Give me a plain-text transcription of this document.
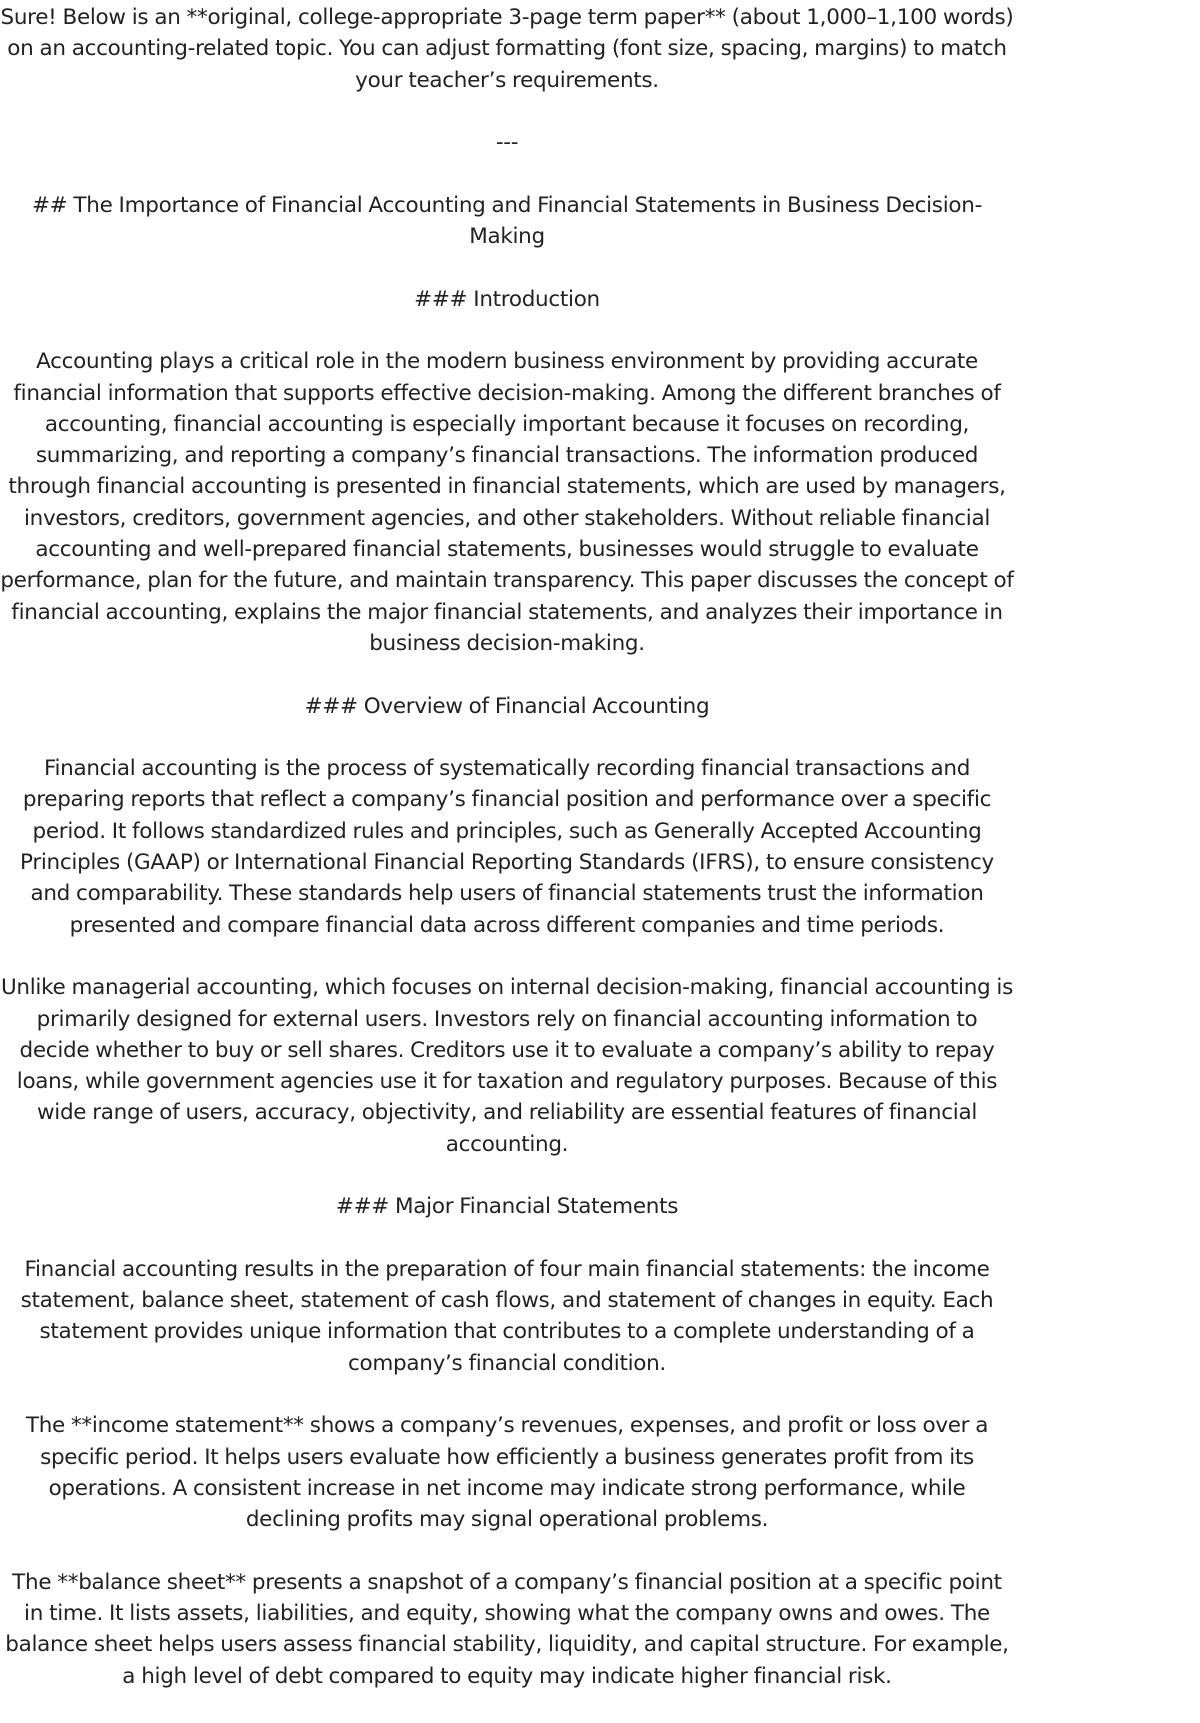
Sure! Below is an **original, college-appropriate 3-page term paper** (about 1,000–1,100 words) on an accounting-related topic. You can adjust formatting (font size, spacing, margins) to match your teacher’s requirements.

---

## The Importance of Financial Accounting and Financial Statements in Business Decision-Making

### Introduction

Accounting plays a critical role in the modern business environment by providing accurate financial information that supports effective decision-making. Among the different branches of accounting, financial accounting is especially important because it focuses on recording, summarizing, and reporting a company’s financial transactions. The information produced through financial accounting is presented in financial statements, which are used by managers, investors, creditors, government agencies, and other stakeholders. Without reliable financial accounting and well-prepared financial statements, businesses would struggle to evaluate performance, plan for the future, and maintain transparency. This paper discusses the concept of financial accounting, explains the major financial statements, and analyzes their importance in business decision-making.

### Overview of Financial Accounting

Financial accounting is the process of systematically recording financial transactions and preparing reports that reflect a company’s financial position and performance over a specific period. It follows standardized rules and principles, such as Generally Accepted Accounting Principles (GAAP) or International Financial Reporting Standards (IFRS), to ensure consistency and comparability. These standards help users of financial statements trust the information presented and compare financial data across different companies and time periods.

Unlike managerial accounting, which focuses on internal decision-making, financial accounting is primarily designed for external users. Investors rely on financial accounting information to decide whether to buy or sell shares. Creditors use it to evaluate a company’s ability to repay loans, while government agencies use it for taxation and regulatory purposes. Because of this wide range of users, accuracy, objectivity, and reliability are essential features of financial accounting.

### Major Financial Statements

Financial accounting results in the preparation of four main financial statements: the income statement, balance sheet, statement of cash flows, and statement of changes in equity. Each statement provides unique information that contributes to a complete understanding of a company’s financial condition.

The **income statement** shows a company’s revenues, expenses, and profit or loss over a specific period. It helps users evaluate how efficiently a business generates profit from its operations. A consistent increase in net income may indicate strong performance, while declining profits may signal operational problems.

The **balance sheet** presents a snapshot of a company’s financial position at a specific point in time. It lists assets, liabilities, and equity, showing what the company owns and owes. The balance sheet helps users assess financial stability, liquidity, and capital structure. For example, a high level of debt compared to equity may indicate higher financial risk.
